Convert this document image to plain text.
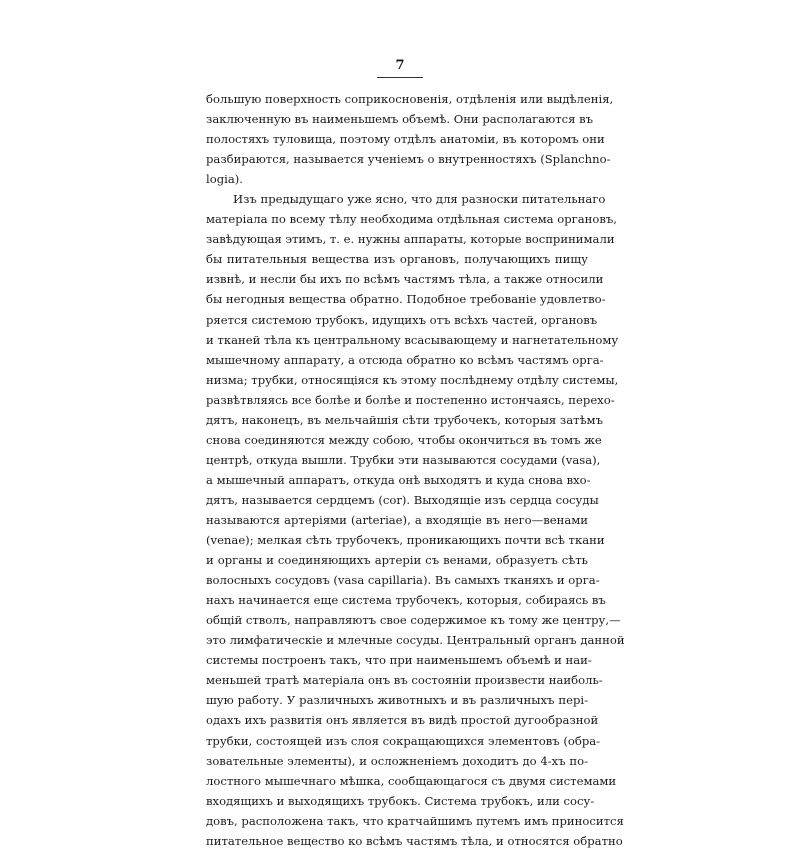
7
большую поверхность соприкосновенія, отдѣленія или выдѣленія,
заключенную въ наименьшемъ объемѣ. Они располагаются въ
полостяхъ туловища, поэтому отдѣлъ анатоміи, въ которомъ они
разбираются, называется ученіемъ о внутренностяхъ (Splanchno-
logia).
Изъ предыдущаго уже ясно, что для разноски питательнаго
матеріала по всему тѣлу необходима отдѣльная система органовъ,
завѣдующая этимъ, т. е. нужны аппараты, которые воспринимали
бы питательныя вещества изъ органовъ, получающихъ пищу
извнѣ, и несли бы ихъ по всѣмъ частямъ тѣла, а также относили
бы негодныя вещества обратно. Подобное требованіе удовлетво-
ряется системою трубокъ, идущихъ отъ всѣхъ частей, органовъ
и тканей тѣла къ центральному всасывающему и нагнетательному
мышечному аппарату, а отсюда обратно ко всѣмъ частямъ орга-
низма; трубки, относящіяся къ этому послѣднему отдѣлу системы,
развѣтвляясь все болѣе и болѣе и постепенно истончаясь, перехо-
дятъ, наконецъ, въ мельчайшія сѣти трубочекъ, которыя затѣмъ
снова соединяются между собою, чтобы окончиться въ томъ же
центрѣ, откуда вышли. Трубки эти называются сосудами (vasa),
а мышечный аппаратъ, откуда онѣ выходятъ и куда снова вхо-
дятъ, называется сердцемъ (cor). Выходящіе изъ сердца сосуды
называются артеріями (arteriae), а входящіе въ него—венами
(venae); мелкая сѣть трубочекъ, проникающихъ почти всѣ ткани
и органы и соединяющихъ артеріи съ венами, образуетъ сѣть
волосныхъ сосудовъ (vasa capillaria). Въ самыхъ тканяхъ и орга-
нахъ начинается еще система трубочекъ, которыя, собираясь въ
общій стволъ, направляютъ свое содержимое къ тому же центру,—
это лимфатическіе и млечные сосуды. Центральный органъ данной
системы построенъ такъ, что при наименьшемъ объемѣ и наи-
меньшей тратѣ матеріала онъ въ состояніи произвести наиболь-
шую работу. У различныхъ животныхъ и въ различныхъ пері-
одахъ ихъ развитія онъ является въ видѣ простой дугообразной
трубки, состоящей изъ слоя сокращающихся элементовъ (обра-
зовательные элементы), и осложненіемъ доходитъ до 4-хъ по-
лостного мышечнаго мѣшка, сообщающагося съ двумя системами
входящихъ и выходящихъ трубокъ. Система трубокъ, или сосу-
довъ, расположена такъ, что кратчайшимъ путемъ имъ приносится
питательное вещество ко всѣмъ частямъ тѣла, и относятся обратно
